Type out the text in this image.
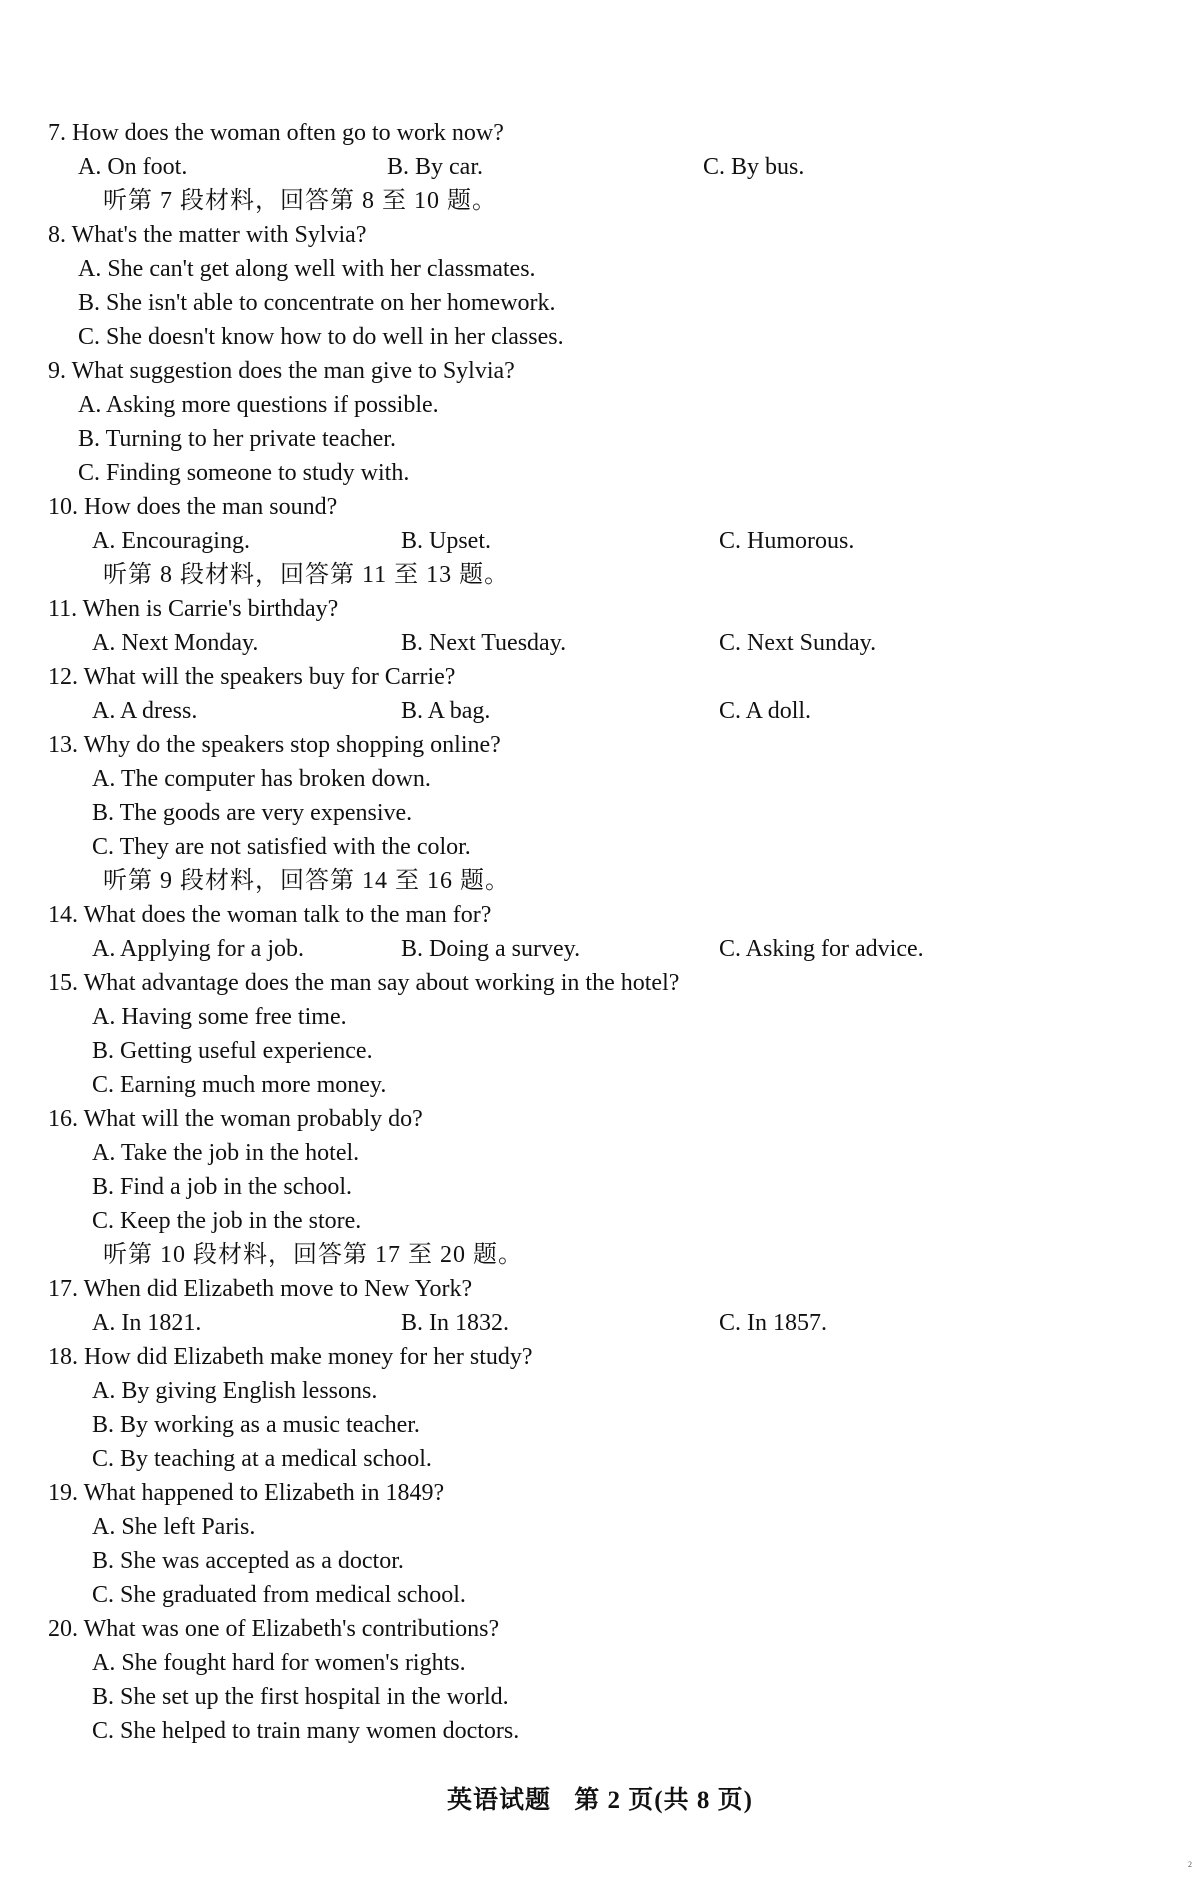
7. How does the woman often go to work now?
A. On foot.	B. By car.	C. By bus.
听第 7 段材料，回答第 8 至 10 题。
8. What's the matter with Sylvia?
A. She can't get along well with her classmates.
B. She isn't able to concentrate on her homework.
C. She doesn't know how to do well in her classes.
9. What suggestion does the man give to Sylvia?
A. Asking more questions if possible.
B. Turning to her private teacher.
C. Finding someone to study with.
10. How does the man sound?
A. Encouraging.	B. Upset.	C. Humorous.
听第 8 段材料，回答第 11 至 13 题。
11. When is Carrie's birthday?
A. Next Monday.	B. Next Tuesday.	C. Next Sunday.
12. What will the speakers buy for Carrie?
A. A dress.	B. A bag.	C. A doll.
13. Why do the speakers stop shopping online?
A. The computer has broken down.
B. The goods are very expensive.
C. They are not satisfied with the color.
听第 9 段材料，回答第 14 至 16 题。
14. What does the woman talk to the man for?
A. Applying for a job.	B. Doing a survey.	C. Asking for advice.
15. What advantage does the man say about working in the hotel?
A. Having some free time.
B. Getting useful experience.
C. Earning much more money.
16. What will the woman probably do?
A. Take the job in the hotel.
B. Find a job in the school.
C. Keep the job in the store.
听第 10 段材料，回答第 17 至 20 题。
17. When did Elizabeth move to New York?
A. In 1821.	B. In 1832.	C. In 1857.
18. How did Elizabeth make money for her study?
A. By giving English lessons.
B. By working as a music teacher.
C. By teaching at a medical school.
19. What happened to Elizabeth in 1849?
A. She left Paris.
B. She was accepted as a doctor.
C. She graduated from medical school.
20. What was one of Elizabeth's contributions?
A. She fought hard for women's rights.
B. She set up the first hospital in the world.
C. She helped to train many women doctors.
英语试题 第 2 页(共 8 页)
2
